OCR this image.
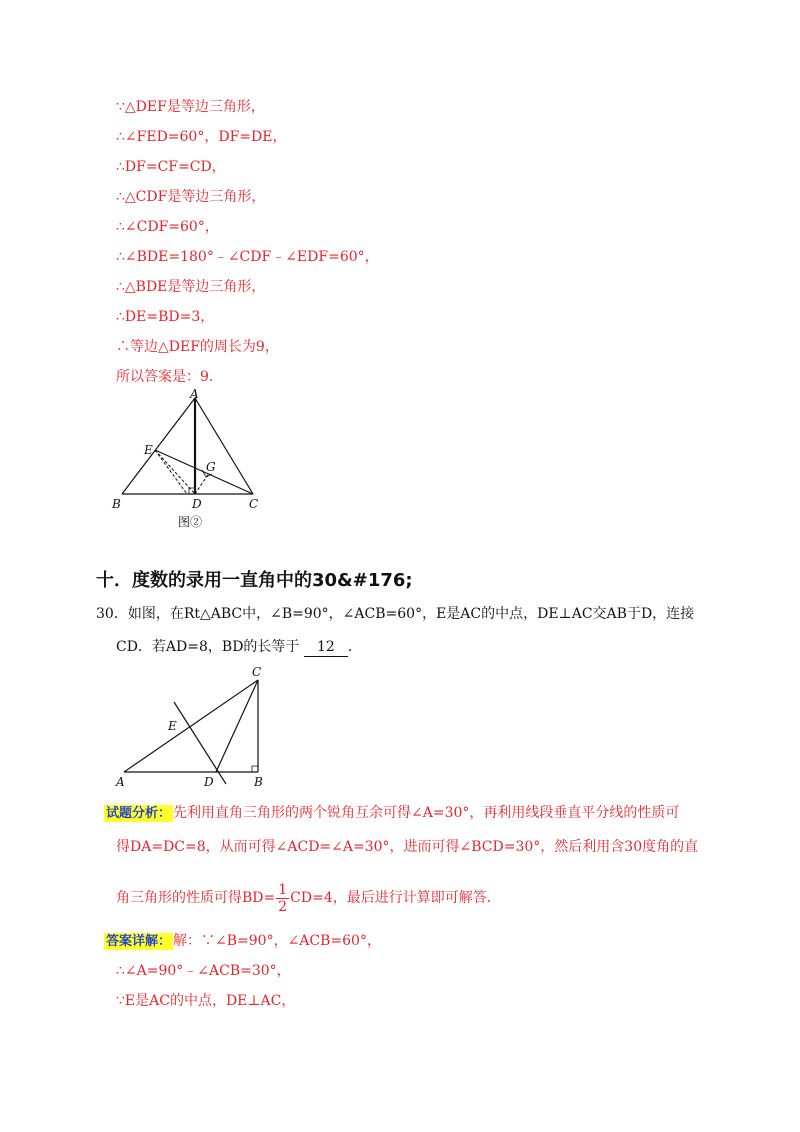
∵△DEF是等边三角形，
∴∠FED=60°，DF=DE，
∴DF=CF=CD，
∴△CDF是等边三角形，
∴∠CDF=60°，
∴∠BDE=180°﹣∠CDF﹣∠EDF=60°，
∴△BDE是等边三角形，
∴DE=BD=3，
∴等边△DEF的周长为9，
所以答案是：9．
A
E
G
B	D	C
图②
十．度数的录用一直角中的30&#176;
30．如图，在Rt△ABC中，∠B=90°，∠ACB=60°，E是AC的中点，DE⊥AC交AB于D，连接
CD．若AD=8，BD的长等于 12 ．
C
E
A	D	B
试题分析： 先利用直角三角形的两个锐角互余可得∠A=30°，再利用线段垂直平分线的性质可
得DA=DC=8，从而可得∠ACD=∠A=30°，进而可得∠BCD=30°，然后利用含30度角的直
角三角形的性质可得$BD= \frac{1}{2} CD=4$，最后进行计算即可解答．
答案详解： 解：∵∠B=90°，∠ACB=60°，
∴∠A=90°﹣∠ACB=30°，
∵E是AC的中点，DE⊥AC，
